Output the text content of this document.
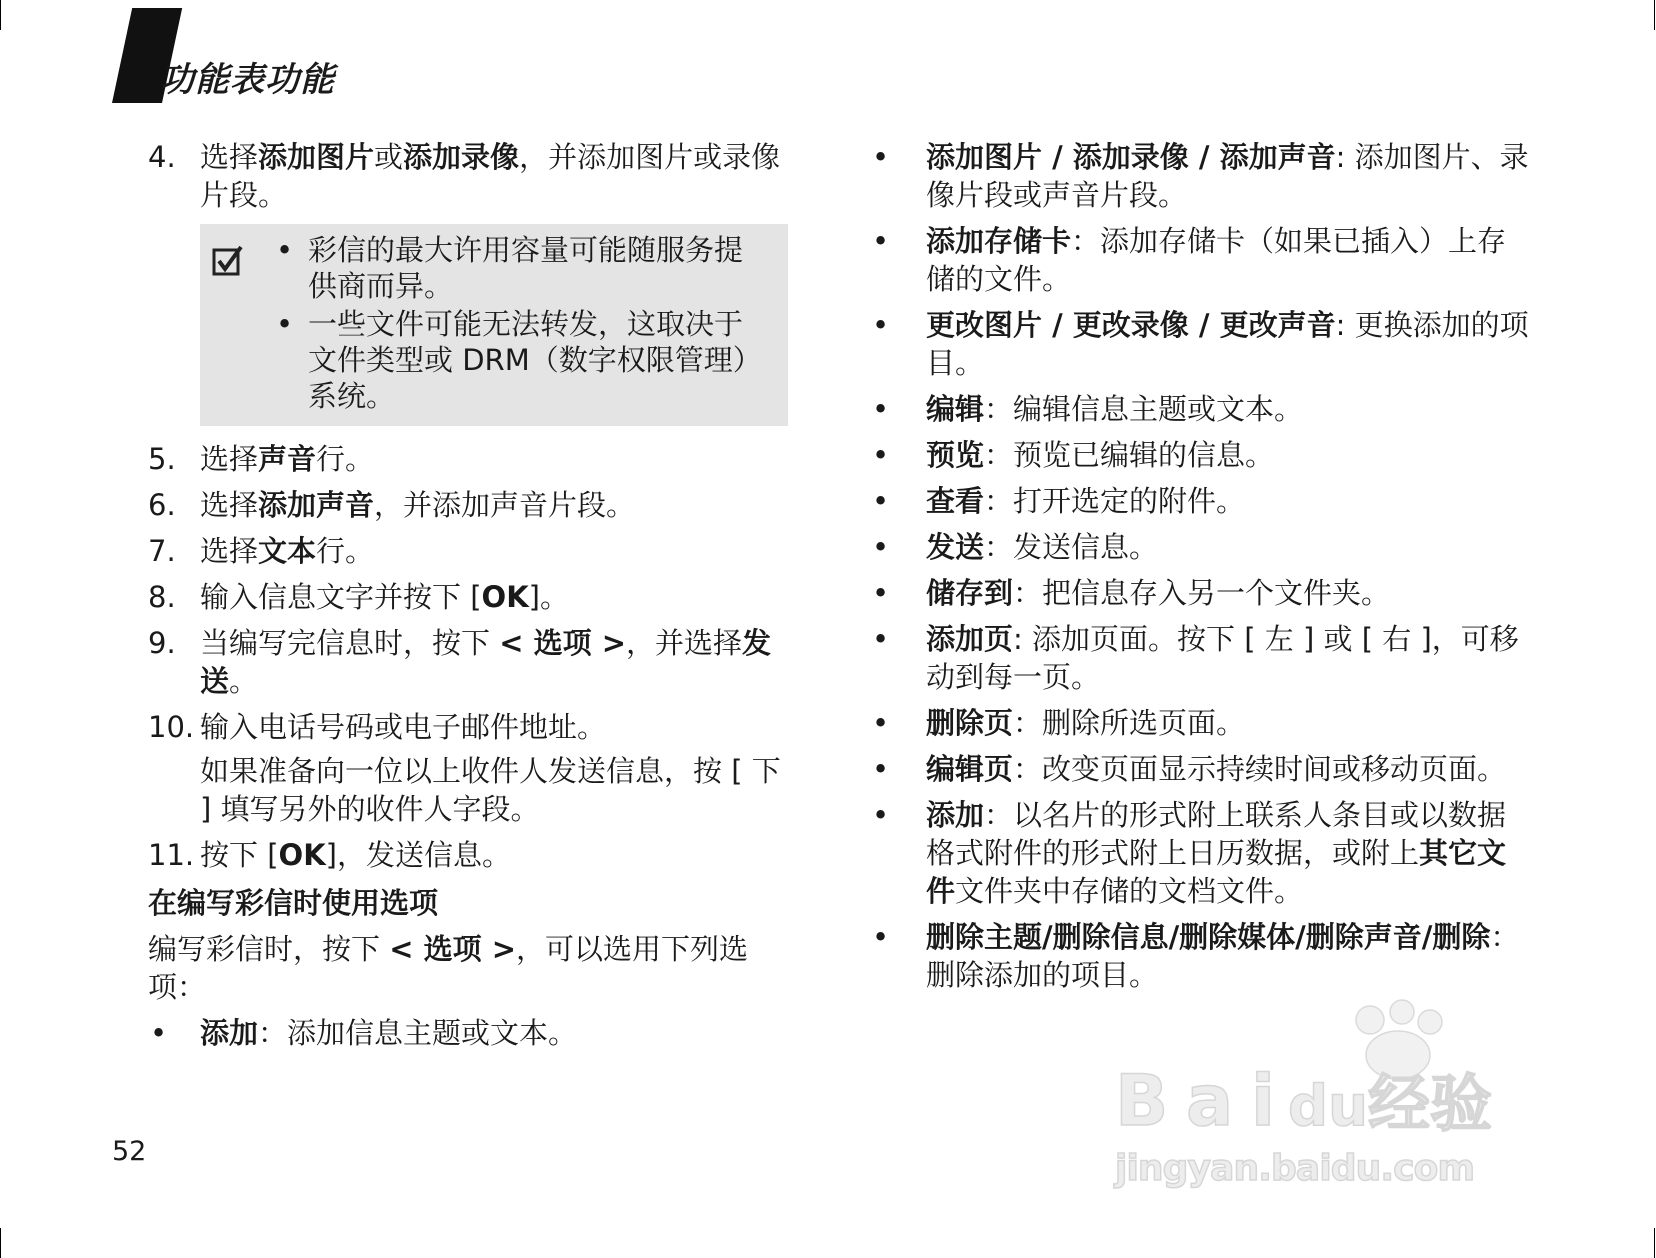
功能表功能
4. 选择添加图片或添加录像，并添加图片或录像片段。
• 彩信的最大许用容量可能随服务提供商而异。
• 一些文件可能无法转发，这取决于文件类型或 DRM（数字权限管理）系统。
5. 选择声音行。
6. 选择添加声音，并添加声音片段。
7. 选择文本行。
8. 输入信息文字并按下 [OK]。
9. 当编写完信息时，按下 < 选项 >，并选择发送。
10. 输入电话号码或电子邮件地址。
如果准备向一位以上收件人发送信息，按 [ 下 ] 填写另外的收件人字段。
11. 按下 [OK]，发送信息。
在编写彩信时使用选项
编写彩信时，按下 < 选项 >，可以选用下列选项：
• 添加：添加信息主题或文本。
• 添加图片 / 添加录像 / 添加声音: 添加图片、录像片段或声音片段。
• 添加存储卡：添加存储卡（如果已插入）上存储的文件。
• 更改图片 / 更改录像 / 更改声音: 更换添加的项目。
• 编辑：编辑信息主题或文本。
• 预览：预览已编辑的信息。
• 查看：打开选定的附件。
• 发送：发送信息。
• 储存到：把信息存入另一个文件夹。
• 添加页: 添加页面。按下 [ 左 ] 或 [ 右 ]，可移动到每一页。
• 删除页：删除所选页面。
• 编辑页：改变页面显示持续时间或移动页面。
• 添加：以名片的形式附上联系人条目或以数据格式附件的形式附上日历数据，或附上其它文件文件夹中存储的文档文件。
• 删除主题/删除信息/删除媒体/删除声音/删除：删除添加的项目。
52
Bai du 经验
jingyan.baidu.com
